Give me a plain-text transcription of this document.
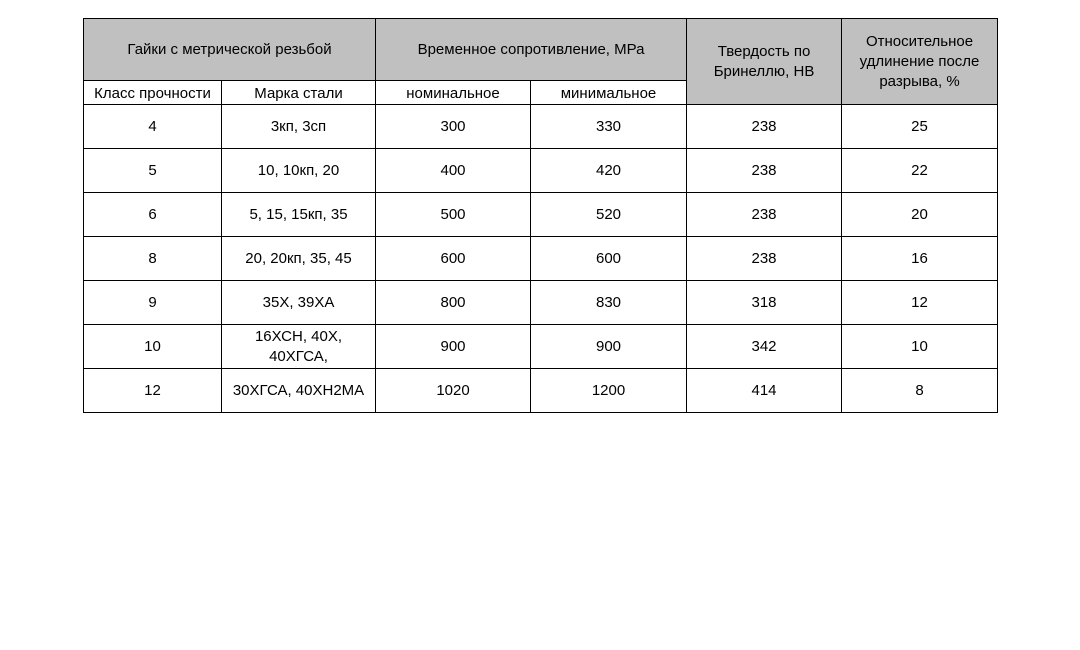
Гайки с метрической резьбой		Временное сопротивление, МРа		Твердость по Бринеллю, НВ	Относительное удлинение после разрыва, %
Класс прочности	Марка стали	номинальное	минимальное		
4	3кп, 3сп	300	330	238	25
5	10, 10кп, 20	400	420	238	22
6	5, 15, 15кп, 35	500	520	238	20
8	20, 20кп, 35, 45	600	600	238	16
9	35Х, 39ХА	800	830	318	12
10	16ХСН, 40Х, 40ХГСА,	900	900	342	10
12	30ХГСА, 40ХН2МА	1020	1200	414	8
